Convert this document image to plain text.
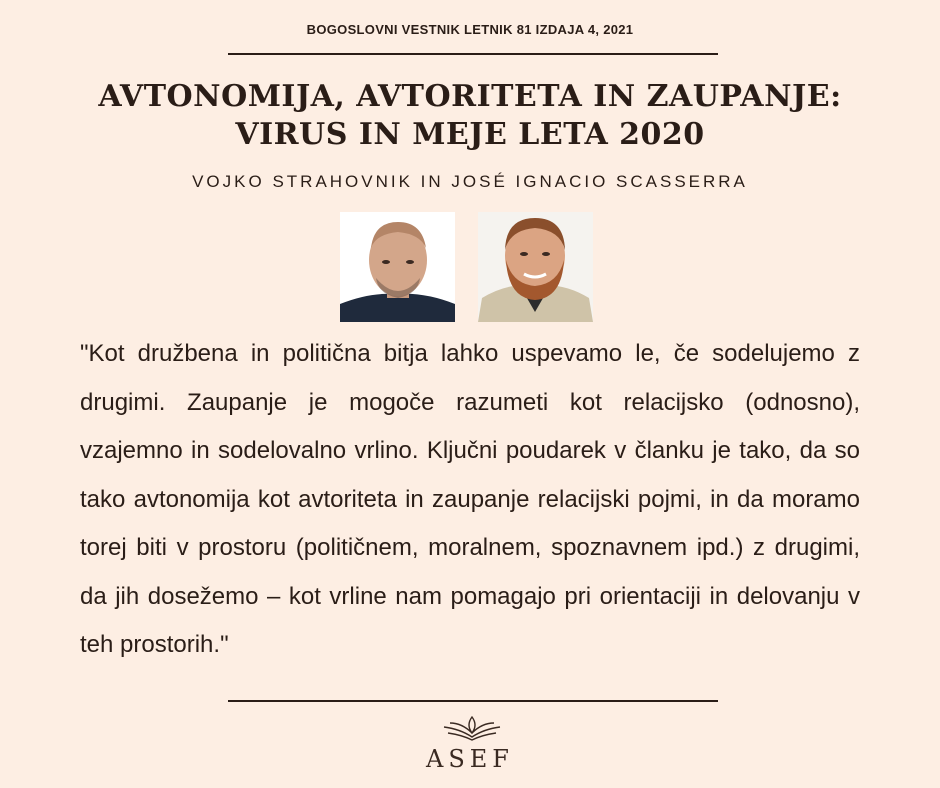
BOGOSLOVNI VESTNIK LETNIK 81 IZDAJA 4, 2021
AVTONOMIJA, AVTORITETA IN ZAUPANJE:
VIRUS IN MEJE LETA 2020
VOJKO STRAHOVNIK IN JOSÉ IGNACIO SCASSERRA
"Kot družbena in politična bitja lahko uspevamo le, če sodelujemo z drugimi. Zaupanje je mogoče razumeti kot relacijsko (odnosno), vzajemno in sodelovalno vrlino. Ključni poudarek v članku je tako, da so tako avtonomija kot avtoriteta in zaupanje relacijski pojmi, in da moramo torej biti v prostoru (političnem, moralnem, spoznavnem ipd.) z drugimi, da jih dosežemo – kot vrline nam pomagajo pri orientaciji in delovanju v teh prostorih."
ASEF
